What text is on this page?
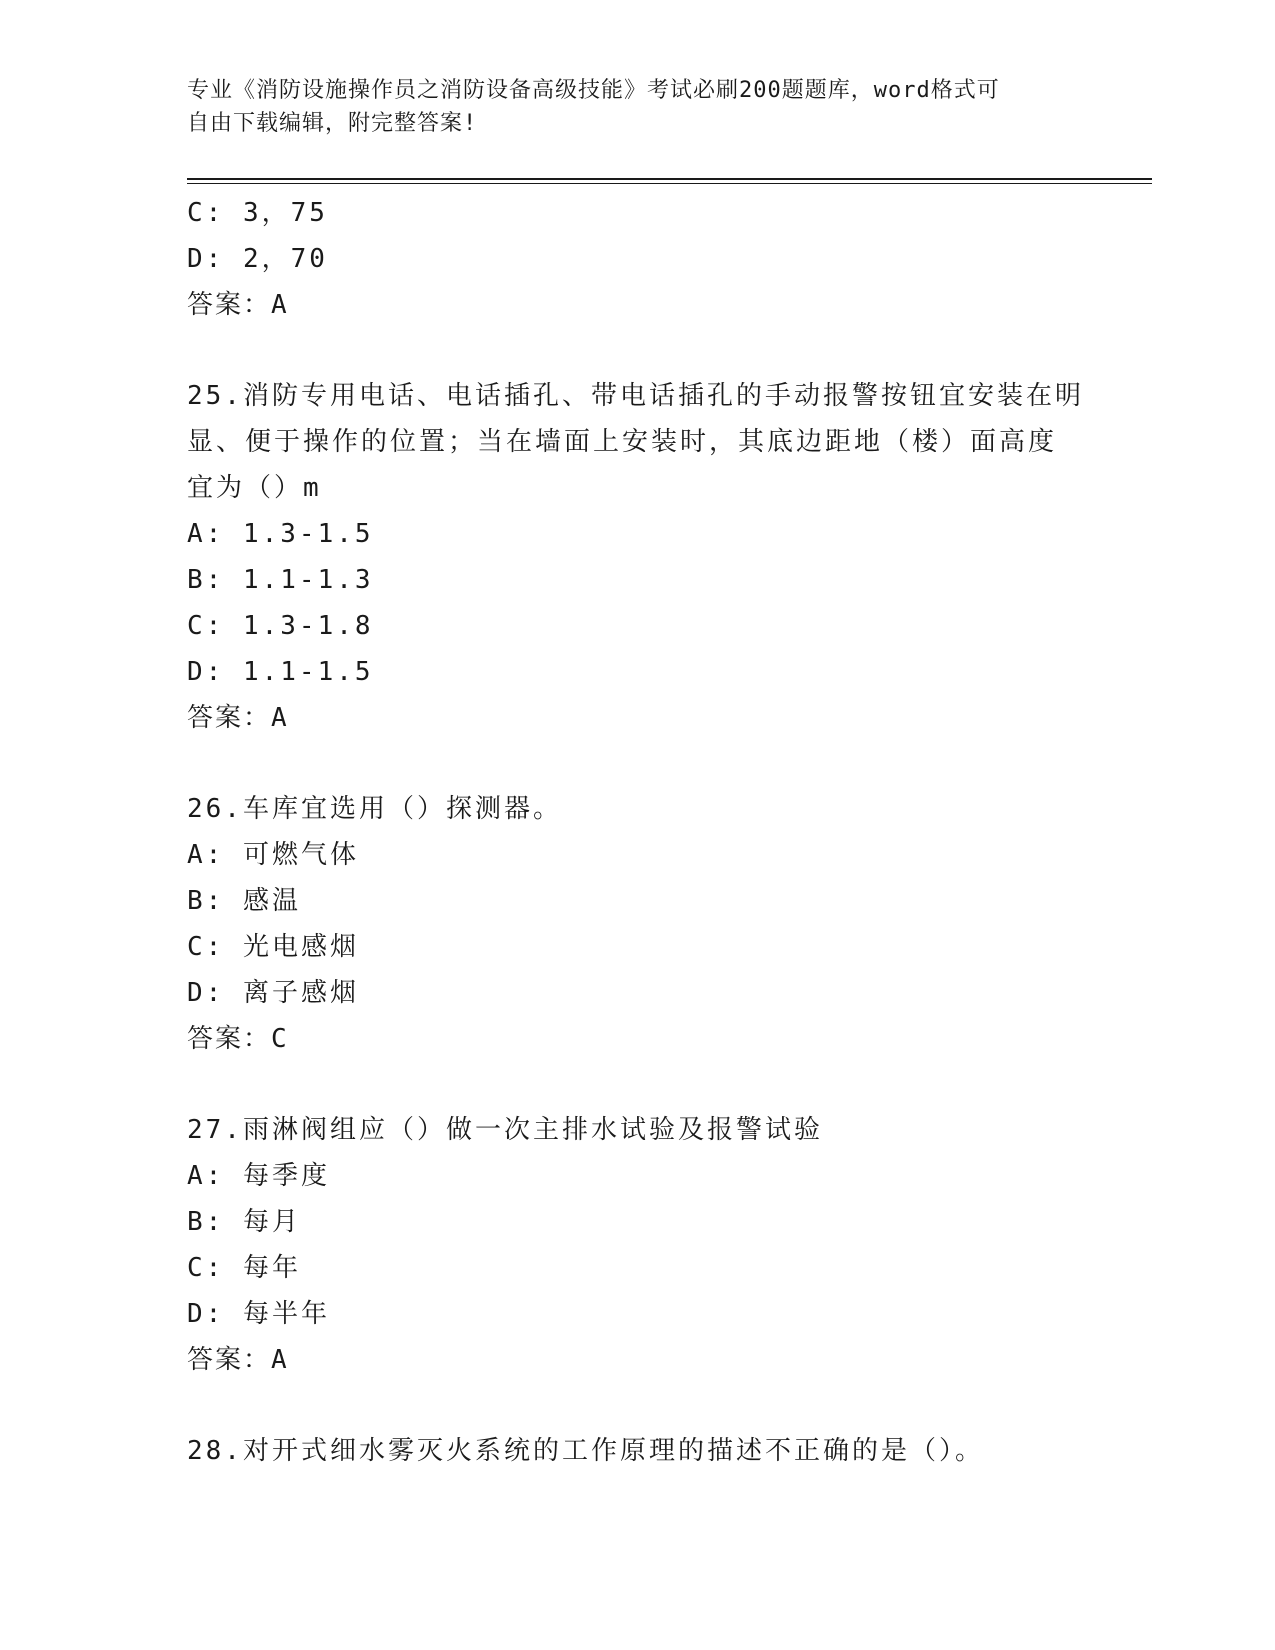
专业《消防设施操作员之消防设备高级技能》考试必刷200题题库，word格式可
自由下载编辑，附完整答案!
C: 3，75
D: 2，70
答案：A
25.消防专用电话、电话插孔、带电话插孔的手动报警按钮宜安装在明
显、便于操作的位置；当在墙面上安装时，其底边距地（楼）面高度
宜为（）m
A: 1.3-1.5
B: 1.1-1.3
C: 1.3-1.8
D: 1.1-1.5
答案：A
26.车库宜选用（）探测器。
A: 可燃气体
B: 感温
C: 光电感烟
D: 离子感烟
答案：C
27.雨淋阀组应（）做一次主排水试验及报警试验
A: 每季度
B: 每月
C: 每年
D: 每半年
答案：A
28.对开式细水雾灭火系统的工作原理的描述不正确的是（）。
